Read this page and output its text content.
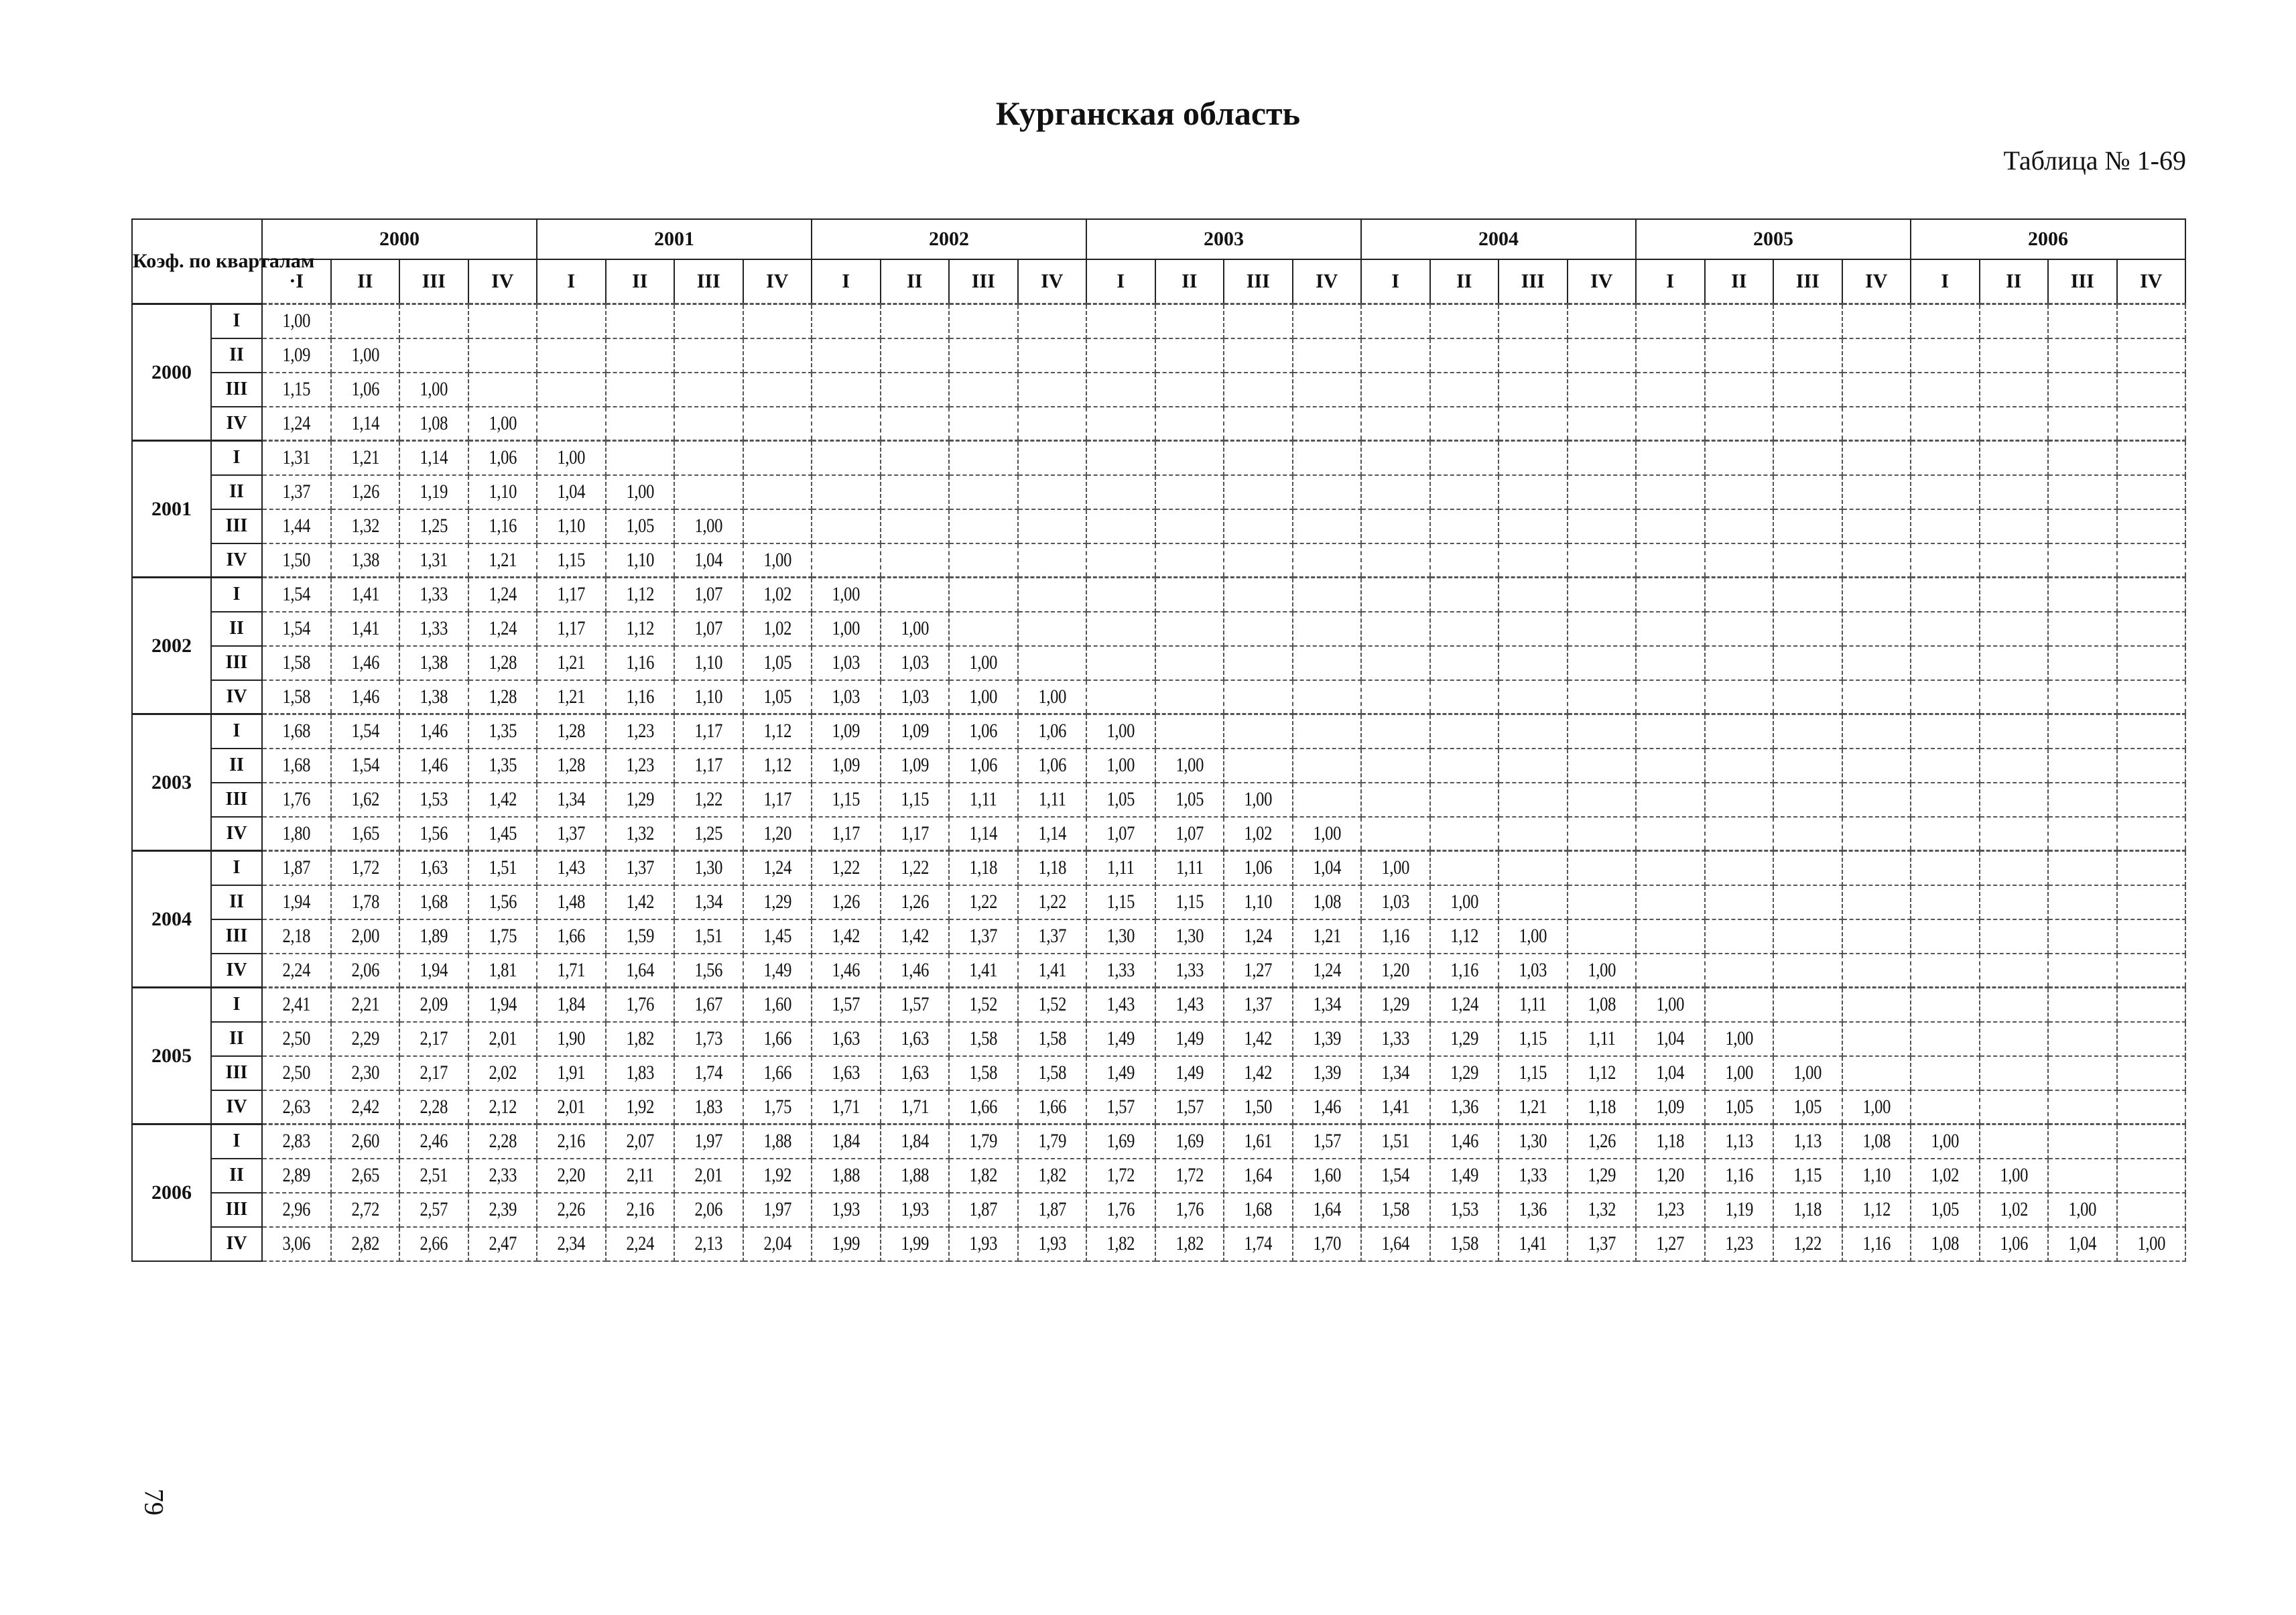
Курганская область
Таблица № 1-69
79
Коэф. по кварталам		2000				2001				2002				2003				2004				2005				2006			
		·I	II	III	IV	I	II	III	IV	I	II	III	IV	I	II	III	IV	I	II	III	IV	I	II	III	IV	I	II	III	IV
2000	I	1,00																											
	II	1,09	1,00																										
	III	1,15	1,06	1,00																									
	IV	1,24	1,14	1,08	1,00																								
2001	I	1,31	1,21	1,14	1,06	1,00																							
	II	1,37	1,26	1,19	1,10	1,04	1,00																						
	III	1,44	1,32	1,25	1,16	1,10	1,05	1,00																					
	IV	1,50	1,38	1,31	1,21	1,15	1,10	1,04	1,00																				
2002	I	1,54	1,41	1,33	1,24	1,17	1,12	1,07	1,02	1,00																			
	II	1,54	1,41	1,33	1,24	1,17	1,12	1,07	1,02	1,00	1,00																		
	III	1,58	1,46	1,38	1,28	1,21	1,16	1,10	1,05	1,03	1,03	1,00																	
	IV	1,58	1,46	1,38	1,28	1,21	1,16	1,10	1,05	1,03	1,03	1,00	1,00																
2003	I	1,68	1,54	1,46	1,35	1,28	1,23	1,17	1,12	1,09	1,09	1,06	1,06	1,00															
	II	1,68	1,54	1,46	1,35	1,28	1,23	1,17	1,12	1,09	1,09	1,06	1,06	1,00	1,00														
	III	1,76	1,62	1,53	1,42	1,34	1,29	1,22	1,17	1,15	1,15	1,11	1,11	1,05	1,05	1,00													
	IV	1,80	1,65	1,56	1,45	1,37	1,32	1,25	1,20	1,17	1,17	1,14	1,14	1,07	1,07	1,02	1,00												
2004	I	1,87	1,72	1,63	1,51	1,43	1,37	1,30	1,24	1,22	1,22	1,18	1,18	1,11	1,11	1,06	1,04	1,00											
	II	1,94	1,78	1,68	1,56	1,48	1,42	1,34	1,29	1,26	1,26	1,22	1,22	1,15	1,15	1,10	1,08	1,03	1,00										
	III	2,18	2,00	1,89	1,75	1,66	1,59	1,51	1,45	1,42	1,42	1,37	1,37	1,30	1,30	1,24	1,21	1,16	1,12	1,00									
	IV	2,24	2,06	1,94	1,81	1,71	1,64	1,56	1,49	1,46	1,46	1,41	1,41	1,33	1,33	1,27	1,24	1,20	1,16	1,03	1,00								
2005	I	2,41	2,21	2,09	1,94	1,84	1,76	1,67	1,60	1,57	1,57	1,52	1,52	1,43	1,43	1,37	1,34	1,29	1,24	1,11	1,08	1,00							
	II	2,50	2,29	2,17	2,01	1,90	1,82	1,73	1,66	1,63	1,63	1,58	1,58	1,49	1,49	1,42	1,39	1,33	1,29	1,15	1,11	1,04	1,00						
	III	2,50	2,30	2,17	2,02	1,91	1,83	1,74	1,66	1,63	1,63	1,58	1,58	1,49	1,49	1,42	1,39	1,34	1,29	1,15	1,12	1,04	1,00	1,00					
	IV	2,63	2,42	2,28	2,12	2,01	1,92	1,83	1,75	1,71	1,71	1,66	1,66	1,57	1,57	1,50	1,46	1,41	1,36	1,21	1,18	1,09	1,05	1,05	1,00				
2006	I	2,83	2,60	2,46	2,28	2,16	2,07	1,97	1,88	1,84	1,84	1,79	1,79	1,69	1,69	1,61	1,57	1,51	1,46	1,30	1,26	1,18	1,13	1,13	1,08	1,00			
	II	2,89	2,65	2,51	2,33	2,20	2,11	2,01	1,92	1,88	1,88	1,82	1,82	1,72	1,72	1,64	1,60	1,54	1,49	1,33	1,29	1,20	1,16	1,15	1,10	1,02	1,00		
	III	2,96	2,72	2,57	2,39	2,26	2,16	2,06	1,97	1,93	1,93	1,87	1,87	1,76	1,76	1,68	1,64	1,58	1,53	1,36	1,32	1,23	1,19	1,18	1,12	1,05	1,02	1,00	
	IV	3,06	2,82	2,66	2,47	2,34	2,24	2,13	2,04	1,99	1,99	1,93	1,93	1,82	1,82	1,74	1,70	1,64	1,58	1,41	1,37	1,27	1,23	1,22	1,16	1,08	1,06	1,04	1,00
